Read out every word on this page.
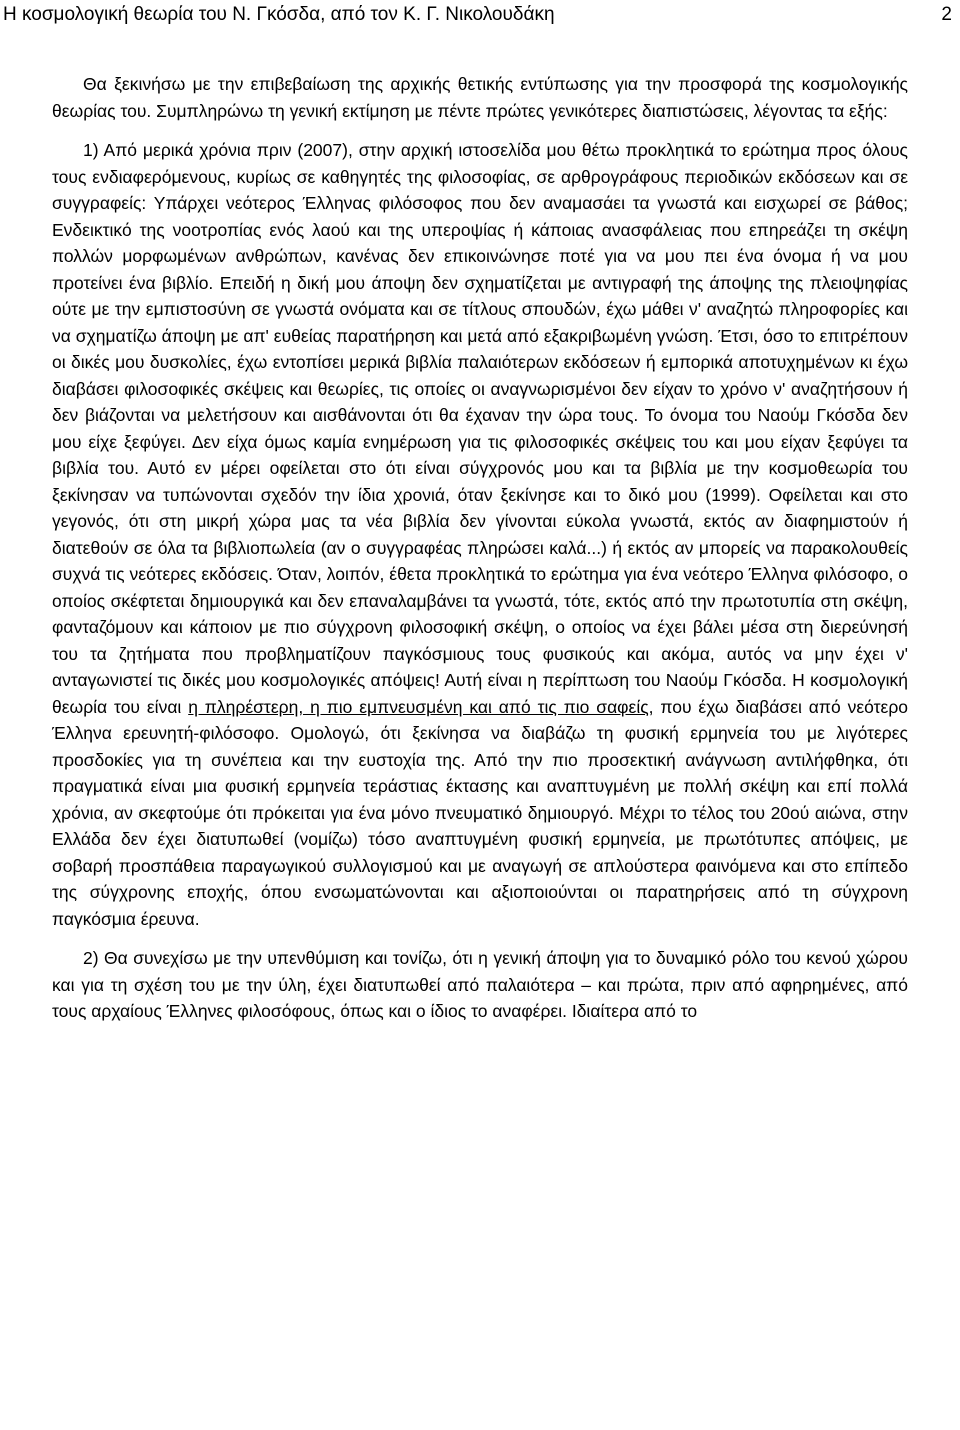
Η κοσμολογική θεωρία του Ν. Γκόσδα, από τον Κ. Γ. Νικολουδάκη	2

Θα ξεκινήσω με την επιβεβαίωση της αρχικής θετικής εντύπωσης για την προσφορά της κοσμολογικής θεωρίας του. Συμπληρώνω τη γενική εκτίμηση με πέντε πρώτες γενικότερες διαπιστώσεις, λέγοντας τα εξής:

1) Από μερικά χρόνια πριν (2007), στην αρχική ιστοσελίδα μου θέτω προκλητικά το ερώτημα προς όλους τους ενδιαφερόμενους, κυρίως σε καθηγητές της φιλοσοφίας, σε αρθρογράφους περιοδικών εκδόσεων και σε συγγραφείς: Υπάρχει νεότερος Έλληνας φιλόσοφος που δεν αναμασάει τα γνωστά και εισχωρεί σε βάθος; Ενδεικτικό της νοοτροπίας ενός λαού και της υπεροψίας ή κάποιας ανασφάλειας που επηρεάζει τη σκέψη πολλών μορφωμένων ανθρώπων, κανένας δεν επικοινώνησε ποτέ για να μου πει ένα όνομα ή να μου προτείνει ένα βιβλίο. Επειδή η δική μου άποψη δεν σχηματίζεται με αντιγραφή της άποψης της πλειοψηφίας ούτε με την εμπιστοσύνη σε γνωστά ονόματα και σε τίτλους σπουδών, έχω μάθει ν' αναζητώ πληροφορίες και να σχηματίζω άποψη με απ' ευθείας παρατήρηση και μετά από εξακριβωμένη γνώση. Έτσι, όσο το επιτρέπουν οι δικές μου δυσκολίες, έχω εντοπίσει μερικά βιβλία παλαιότερων εκδόσεων ή εμπορικά αποτυχημένων κι έχω διαβάσει φιλοσοφικές σκέψεις και θεωρίες, τις οποίες οι αναγνωρισμένοι δεν είχαν το χρόνο ν' αναζητήσουν ή δεν βιάζονται να μελετήσουν και αισθάνονται ότι θα έχαναν την ώρα τους. Το όνομα του Ναούμ Γκόσδα δεν μου είχε ξεφύγει. Δεν είχα όμως καμία ενημέρωση για τις φιλοσοφικές σκέψεις του και μου είχαν ξεφύγει τα βιβλία του. Αυτό εν μέρει οφείλεται στο ότι είναι σύγχρονός μου και τα βιβλία με την κοσμοθεωρία του ξεκίνησαν να τυπώνονται σχεδόν την ίδια χρονιά, όταν ξεκίνησε και το δικό μου (1999). Οφείλεται και στο γεγονός, ότι στη μικρή χώρα μας τα νέα βιβλία δεν γίνονται εύκολα γνωστά, εκτός αν διαφημιστούν ή διατεθούν σε όλα τα βιβλιοπωλεία (αν ο συγγραφέας πληρώσει καλά...) ή εκτός αν μπορείς να παρακολουθείς συχνά τις νεότερες εκδόσεις. Όταν, λοιπόν, έθετα προκλητικά το ερώτημα για ένα νεότερο Έλληνα φιλόσοφο, ο οποίος σκέφτεται δημιουργικά και δεν επαναλαμβάνει τα γνωστά, τότε, εκτός από την πρωτοτυπία στη σκέψη, φανταζόμουν και κάποιον με πιο σύγχρονη φιλοσοφική σκέψη, ο οποίος να έχει βάλει μέσα στη διερεύνησή του τα ζητήματα που προβληματίζουν παγκόσμιους τους φυσικούς και ακόμα, αυτός να μην έχει ν' ανταγωνιστεί τις δικές μου κοσμολογικές απόψεις! Αυτή είναι η περίπτωση του Ναούμ Γκόσδα. Η κοσμολογική θεωρία του είναι η πληρέστερη, η πιο εμπνευσμένη και από τις πιο σαφείς, που έχω διαβάσει από νεότερο Έλληνα ερευνητή-φιλόσοφο. Ομολογώ, ότι ξεκίνησα να διαβάζω τη φυσική ερμηνεία του με λιγότερες προσδοκίες για τη συνέπεια και την ευστοχία της. Από την πιο προσεκτική ανάγνωση αντιλήφθηκα, ότι πραγματικά είναι μια φυσική ερμηνεία τεράστιας έκτασης και αναπτυγμένη με πολλή σκέψη και επί πολλά χρόνια, αν σκεφτούμε ότι πρόκειται για ένα μόνο πνευματικό δημιουργό. Μέχρι το τέλος του 20ού αιώνα, στην Ελλάδα δεν έχει διατυπωθεί (νομίζω) τόσο αναπτυγμένη φυσική ερμηνεία, με πρωτότυπες απόψεις, με σοβαρή προσπάθεια παραγωγικού συλλογισμού και με αναγωγή σε απλούστερα φαινόμενα και στο επίπεδο της σύγχρονης εποχής, όπου ενσωματώνονται και αξιοποιούνται οι παρατηρήσεις από τη σύγχρονη παγκόσμια έρευνα.

2) Θα συνεχίσω με την υπενθύμιση και τονίζω, ότι η γενική άποψη για το δυναμικό ρόλο του κενού χώρου και για τη σχέση του με την ύλη, έχει διατυπωθεί από παλαιότερα – και πρώτα, πριν από αφηρημένες, από τους αρχαίους Έλληνες φιλοσόφους, όπως και ο ίδιος το αναφέρει. Ιδιαίτερα από το
